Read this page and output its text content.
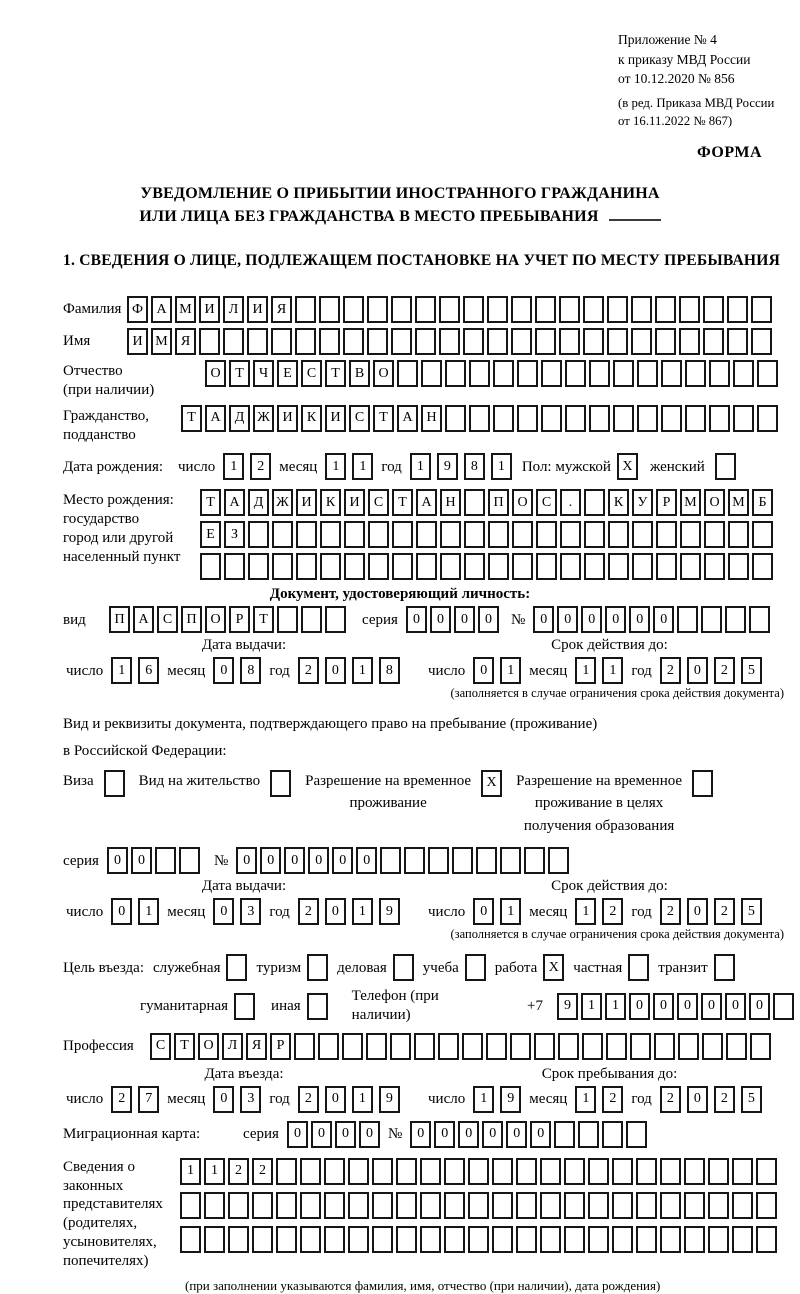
Приложение № 4
к приказу МВД России
от 10.12.2020 № 856
(в ред. Приказа МВД России
от 16.11.2022 № 867)
ФОРМА
УВЕДОМЛЕНИЕ О ПРИБЫТИИ ИНОСТРАННОГО ГРАЖДАНИНА
ИЛИ ЛИЦА БЕЗ ГРАЖДАНСТВА В МЕСТО ПРЕБЫВАНИЯ
1. СВЕДЕНИЯ О ЛИЦЕ, ПОДЛЕЖАЩЕМ ПОСТАНОВКЕ НА УЧЕТ ПО МЕСТУ ПРЕБЫВАНИЯ
Фамилия Ф А М И	Л	И	Я
Имя	И М Я
Отчество
(при наличии)
О	Т	Ч	Е	С	Т	В	О
Гражданство,
подданство
Т	А	Д Ж И	К	И	С	Т	А Н
Дата рождения: число	1	2	месяц	1	1	год	1	9	8	1	Пол: мужской X	женский
Место рождения:
государство
город или другой
населенный пункт
Т	А	Д Ж И	К	И	С	Т	А Н	П О	С	.	К	У	Р М О М Б
Е	З
Документ, удостоверяющий личность:
вид	П А	С	П О	Р	Т	серия	0	0	0	0	№	0	0	0	0	0	0
Дата выдачи:
число	1	6	месяц	0	8	год	2	0	1	8
Срок действия до:
число	0	1	месяц	1	1	год	2	0	2	5
(заполняется в случае ограничения срока действия документа)
Вид и реквизиты документа, подтверждающего право на пребывание (проживание)
в Российской Федерации:
Виза	Вид на жительство	Разрешение на временное
проживание
X	Разрешение на временное
проживание в целях
получения образования
серия	0	0	№	0	0	0	0	0	0
Дата выдачи:
число	0	1	месяц	0	3	год	2	0	1	9
Срок действия до:
число	0	1	месяц	1	2	год	2	0	2	5
(заполняется в случае ограничения срока действия документа)
Цель въезда: служебная туризм деловая учеба работа X частная транзит
гуманитарная	иная
Телефон (при наличии)
+7	9	1	1	0	0	0	0	0	0
Профессия	С	Т	О	Л	Я	Р
Дата въезда:
число	2	7	месяц	0	3	год	2	0	1	9
Срок пребывания до:
число	1	9	месяц	1	2	год	2	0	2	5
Миграционная карта:	серия	0	0	0	0	№	0	0	0	0	0	0
Сведения о
законных
представителях
(родителях,
усыновителях,
попечителях)
1	1	2	2
(при заполнении указываются фамилия, имя, отчество (при наличии), дата рождения)
